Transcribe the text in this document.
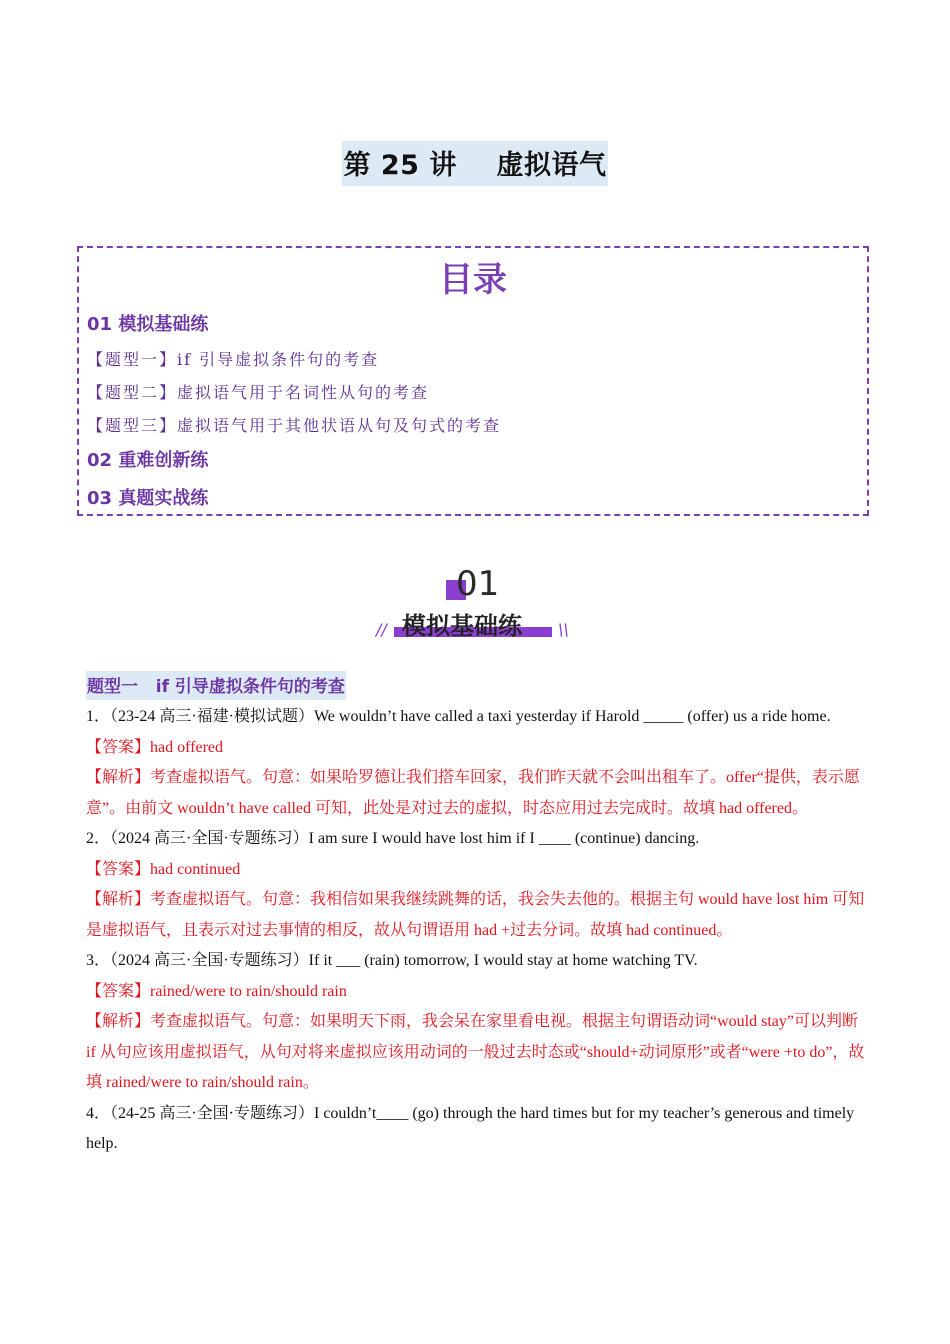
第 25 讲    虚拟语气
目录
01 模拟基础练
【题型一】if 引导虚拟条件句的考查
【题型二】虚拟语气用于名词性从句的考查
【题型三】虚拟语气用于其他状语从句及句式的考查
02 重难创新练
03 真题实战练
01
模拟基础练
//	\\
题型一   if 引导虚拟条件句的考查

1．（23-24 高三·福建·模拟试题）We wouldn’t have called a taxi yesterday if Harold _____ (offer) us a ride home.

【答案】had offered

【解析】考查虚拟语气。句意：如果哈罗德让我们搭车回家，我们昨天就不会叫出租车了。offer“提供，表示愿意”。由前文 wouldn’t have called 可知，此处是对过去的虚拟，时态应用过去完成时。故填 had offered。

2．（2024 高三·全国·专题练习）I am sure I would have lost him if I ____ (continue) dancing.

【答案】had continued

【解析】考查虚拟语气。句意：我相信如果我继续跳舞的话，我会失去他的。根据主句 would have lost him 可知是虚拟语气，且表示对过去事情的相反，故从句谓语用 had +过去分词。故填 had continued。

3．（2024 高三·全国·专题练习）If it ___ (rain) tomorrow, I would stay at home watching TV.

【答案】rained/were to rain/should rain

【解析】考查虚拟语气。句意：如果明天下雨，我会呆在家里看电视。根据主句谓语动词“would stay”可以判断 if 从句应该用虚拟语气，从句对将来虚拟应该用动词的一般过去时态或“should+动词原形”或者“were +to do”，故填 rained/were to rain/should rain。

4．（24-25 高三·全国·专题练习）I couldn’t____ (go) through the hard times but for my teacher’s generous and timely help.
